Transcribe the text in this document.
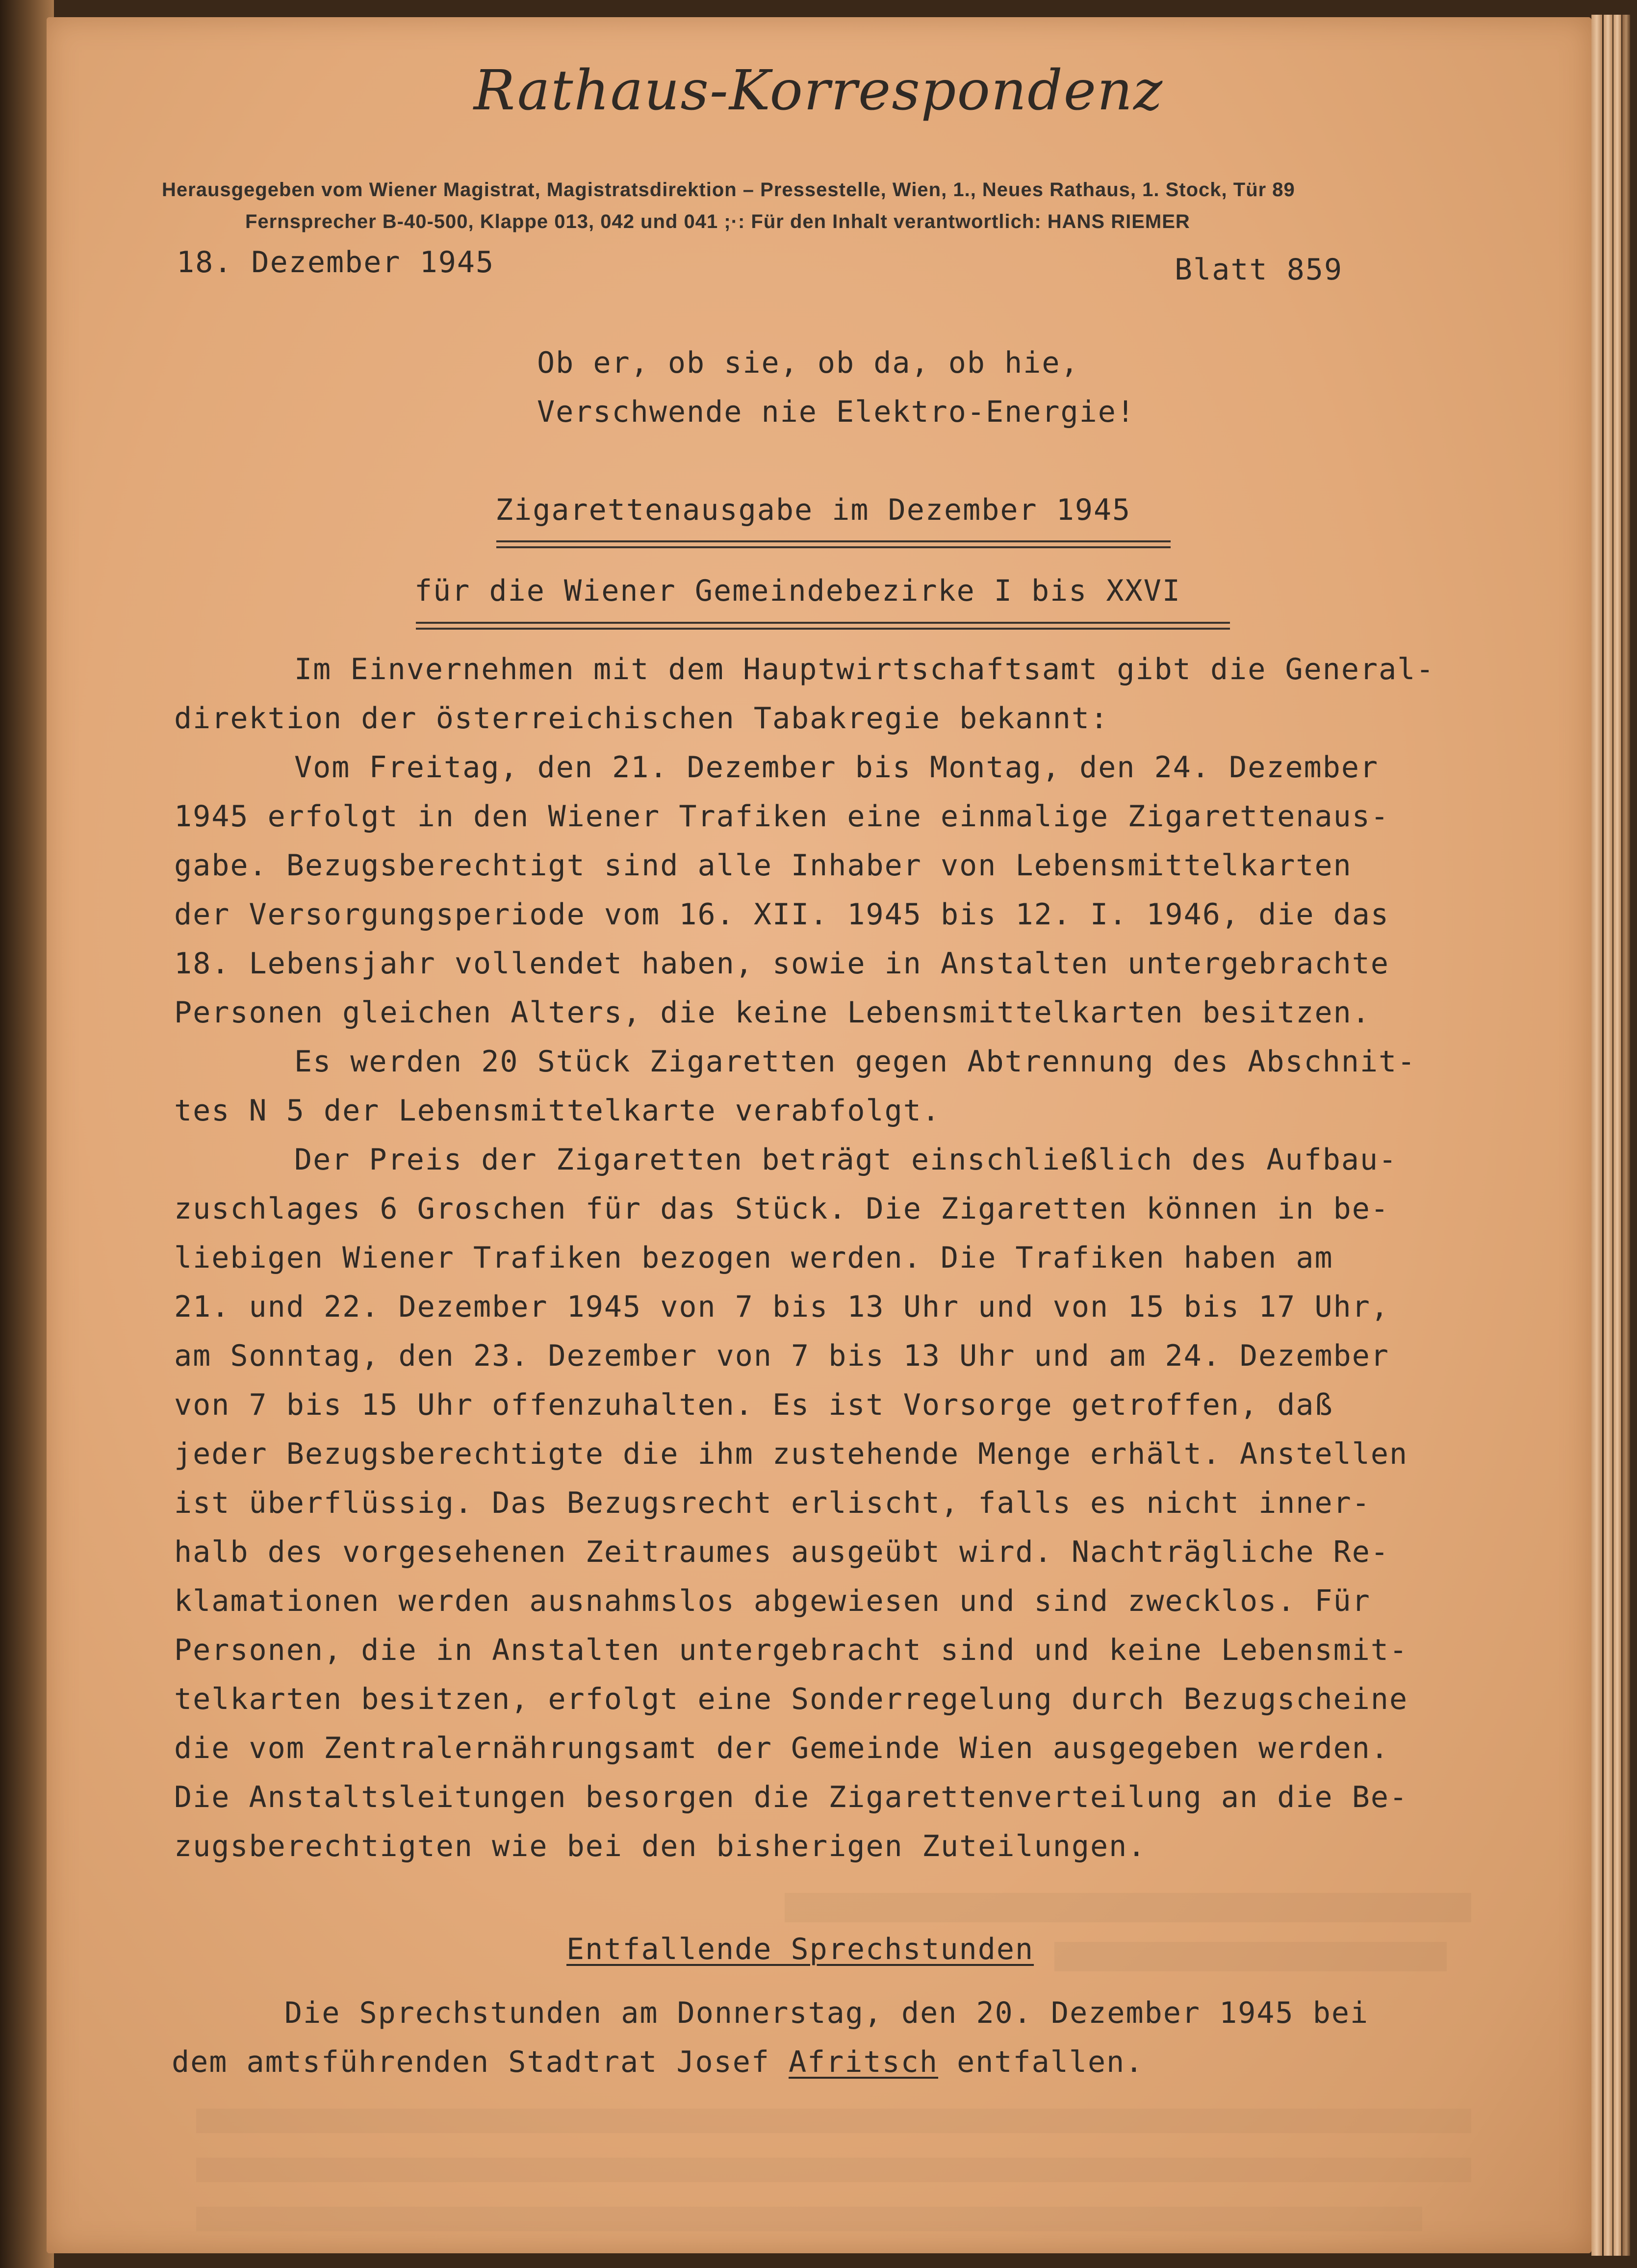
Rathaus-Korrespondenz
Herausgegeben vom Wiener Magistrat, Magistratsdirektion – Pressestelle, Wien, 1., Neues Rathaus, 1. Stock, Tür 89
Fernsprecher B-40-500, Klappe 013, 042 und 041 ;·: Für den Inhalt verantwortlich: HANS RIEMER
18. Dezember 1945	Blatt 859
Ob er, ob sie, ob da, ob hie,
Verschwende nie Elektro-Energie!
Zigarettenausgabe im Dezember 1945
für die Wiener Gemeindebezirke I bis XXVI
Im Einvernehmen mit dem Hauptwirtschaftsamt gibt die General-
direktion der österreichischen Tabakregie bekannt:
Vom Freitag, den 21. Dezember bis Montag, den 24. Dezember
1945 erfolgt in den Wiener Trafiken eine einmalige Zigarettenaus-
gabe. Bezugsberechtigt sind alle Inhaber von Lebensmittelkarten
der Versorgungsperiode vom 16. XII. 1945 bis 12. I. 1946, die das
18. Lebensjahr vollendet haben, sowie in Anstalten untergebrachte
Personen gleichen Alters, die keine Lebensmittelkarten besitzen.
Es werden 20 Stück Zigaretten gegen Abtrennung des Abschnit-
tes N 5 der Lebensmittelkarte verabfolgt.
Der Preis der Zigaretten beträgt einschließlich des Aufbau-
zuschlages 6 Groschen für das Stück. Die Zigaretten können in be-
liebigen Wiener Trafiken bezogen werden. Die Trafiken haben am
21. und 22. Dezember 1945 von 7 bis 13 Uhr und von 15 bis 17 Uhr,
am Sonntag, den 23. Dezember von 7 bis 13 Uhr und am 24. Dezember
von 7 bis 15 Uhr offenzuhalten. Es ist Vorsorge getroffen, daß
jeder Bezugsberechtigte die ihm zustehende Menge erhält. Anstellen
ist überflüssig. Das Bezugsrecht erlischt, falls es nicht inner-
halb des vorgesehenen Zeitraumes ausgeübt wird. Nachträgliche Re-
klamationen werden ausnahmslos abgewiesen und sind zwecklos. Für
Personen, die in Anstalten untergebracht sind und keine Lebensmit-
telkarten besitzen, erfolgt eine Sonderregelung durch Bezugscheine
die vom Zentralernährungsamt der Gemeinde Wien ausgegeben werden.
Die Anstaltsleitungen besorgen die Zigarettenverteilung an die Be-
zugsberechtigten wie bei den bisherigen Zuteilungen.
Entfallende Sprechstunden
Die Sprechstunden am Donnerstag, den 20. Dezember 1945 bei
dem amtsführenden Stadtrat Josef Afritsch entfallen.
